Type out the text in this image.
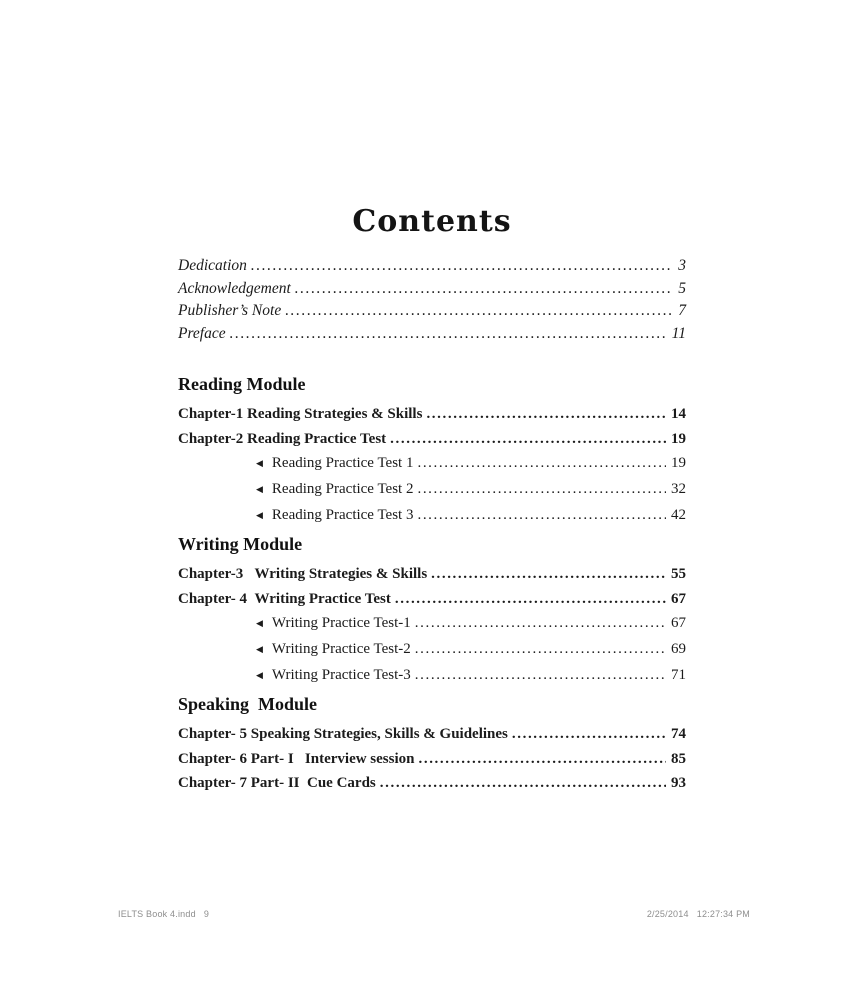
Contents
Dedication .....	3
Acknowledgement .....	5
Publisher’s Note .....	7
Preface .....	11
Reading Module
Chapter-1 Reading Strategies & Skills .....	14
Chapter-2 Reading Practice Test .....	19
◀ Reading Practice Test 1 .....	19
◀ Reading Practice Test 2 .....	32
◀ Reading Practice Test 3 .....	42
Writing Module
Chapter-3   Writing Strategies & Skills .....	55
Chapter- 4  Writing Practice Test .....	67
◀ Writing Practice Test-1 .....	67
◀ Writing Practice Test-2 .....	69
◀ Writing Practice Test-3 .....	71
Speaking  Module
Chapter- 5 Speaking Strategies, Skills & Guidelines .....	74
Chapter- 6 Part- I   Interview session .....	85
Chapter- 7 Part- II  Cue Cards .....	93
IELTS Book 4.indd   9	2/25/2014   12:27:34 PM
